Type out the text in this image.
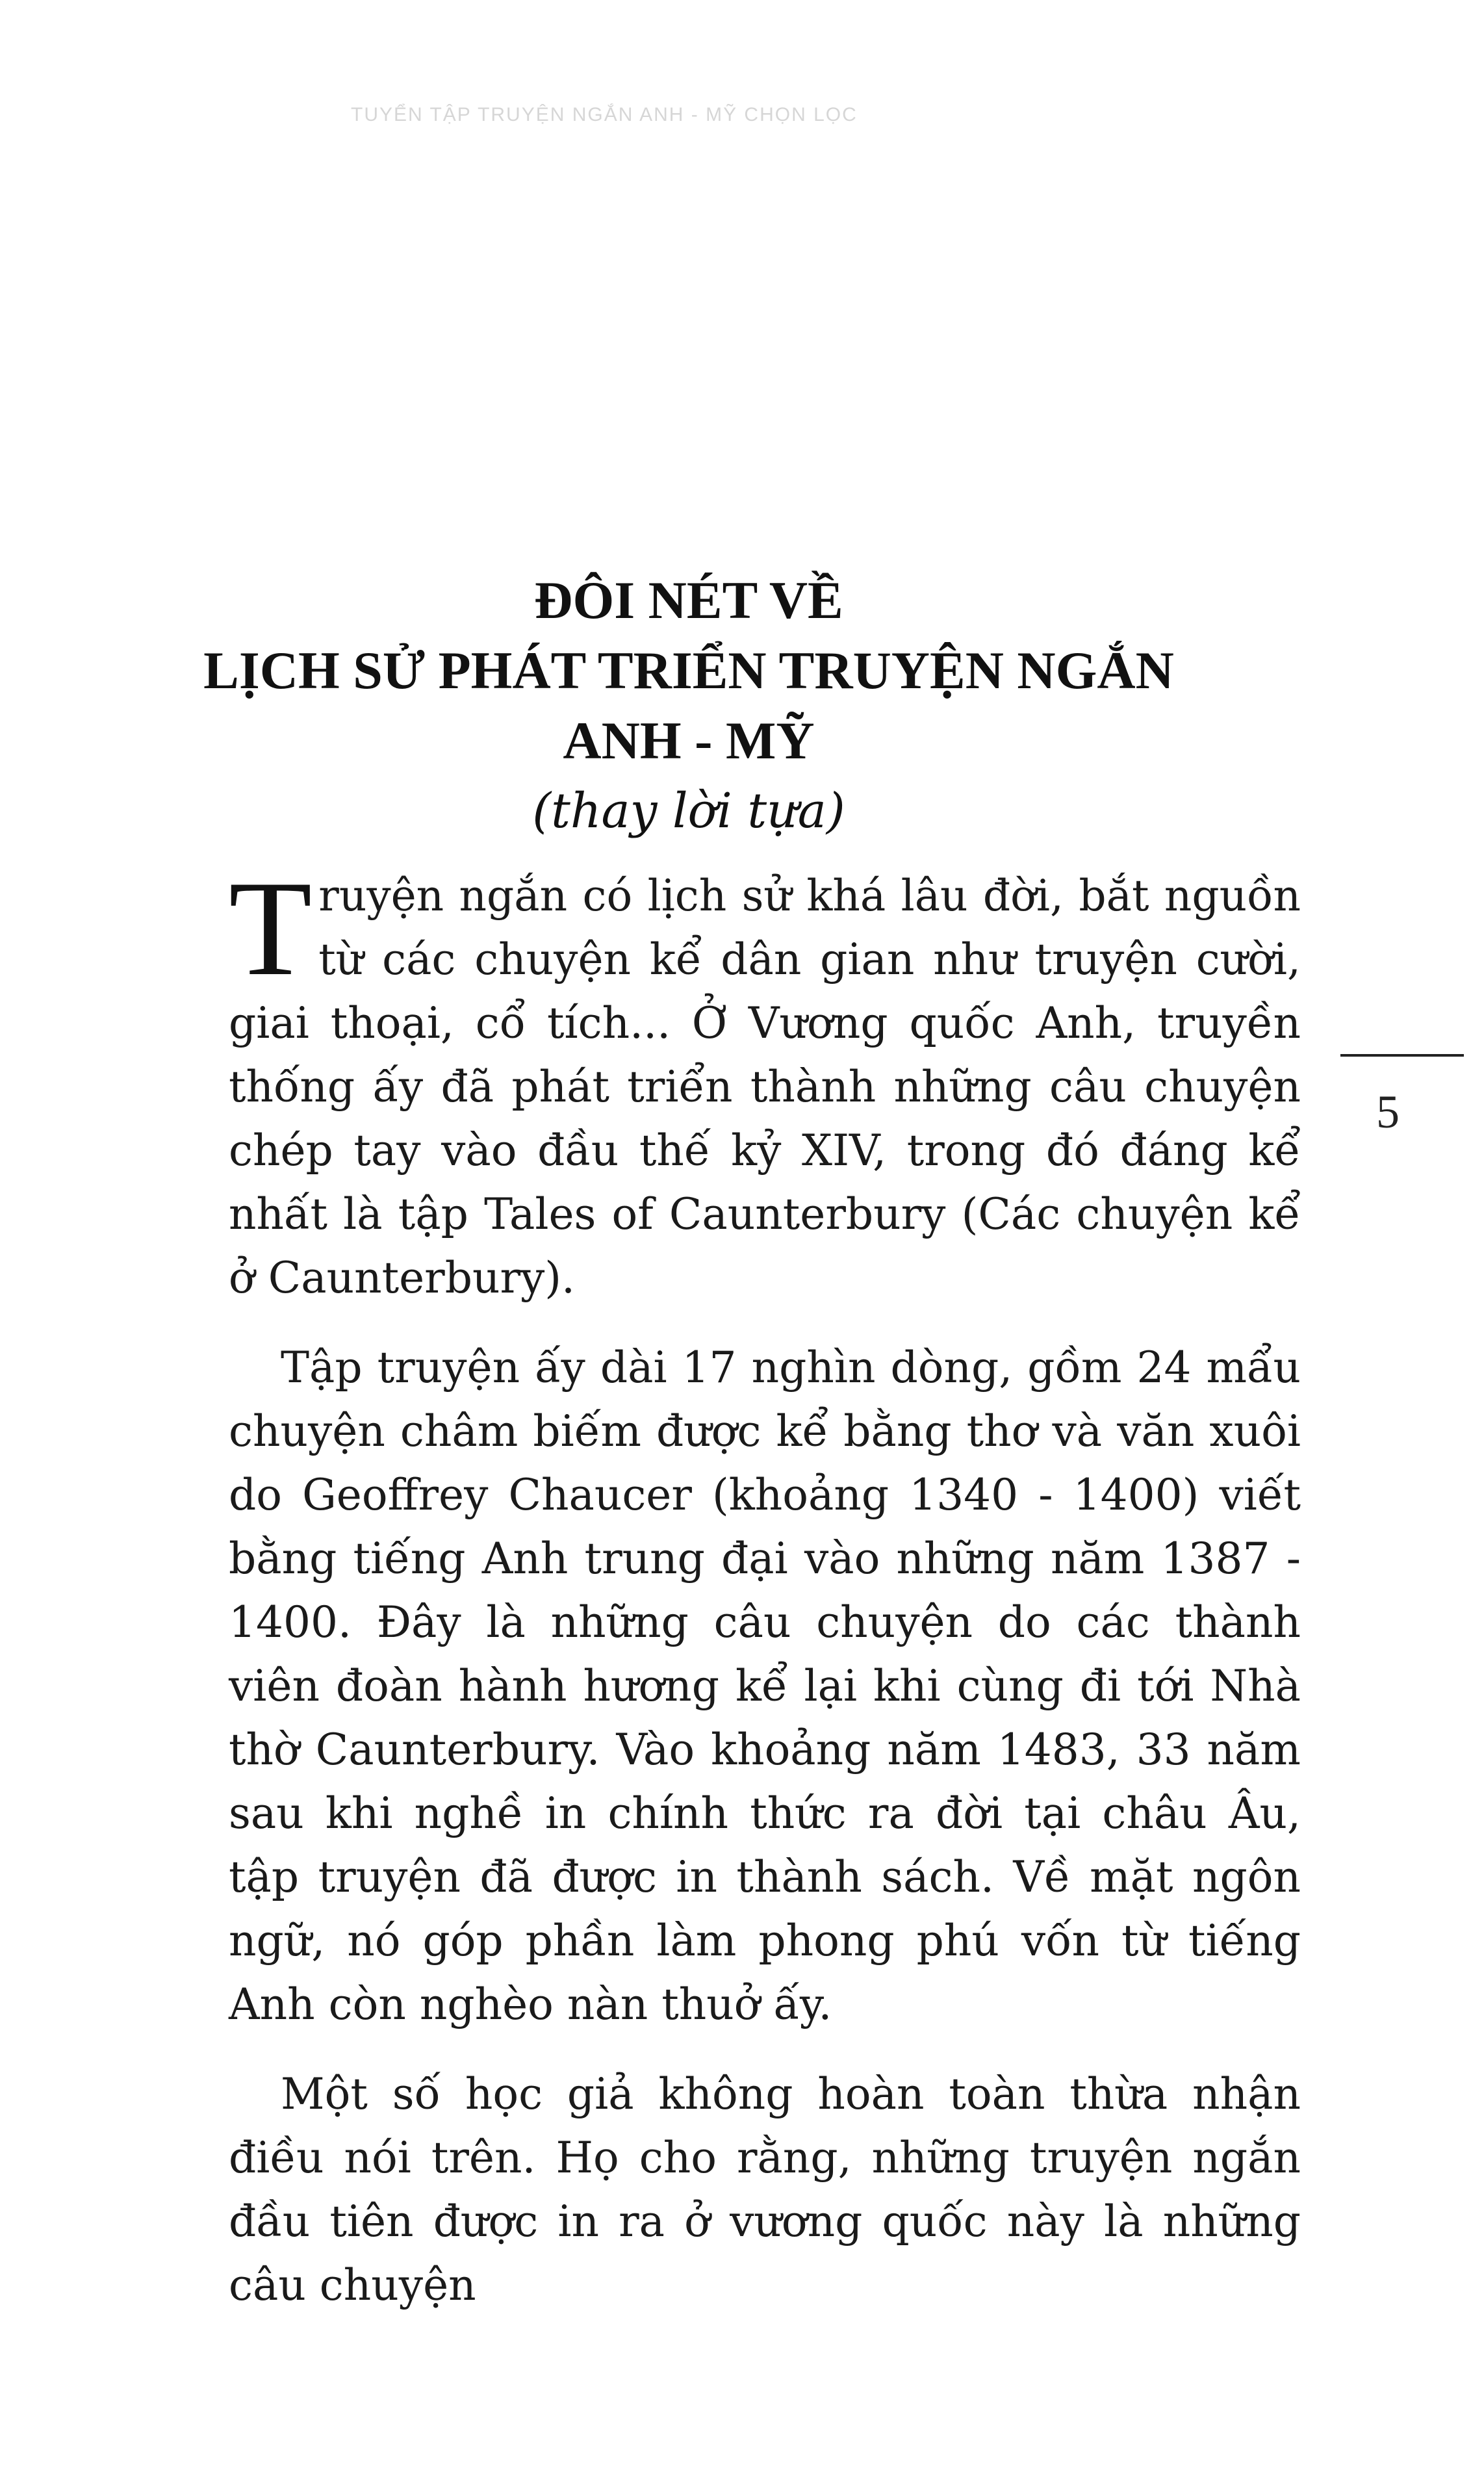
TUYỂN TẬP TRUYỆN NGẮN ANH - MỸ CHỌN LỌC
ĐÔI NÉT VỀ
LỊCH SỬ PHÁT TRIỂN TRUYỆN NGẮN
ANH - MỸ
(thay lời tựa)

T ruyện ngắn có lịch sử khá lâu đời, bắt nguồn từ các chuyện kể dân gian như truyện cười, giai thoại, cổ tích... Ở Vương quốc Anh, truyền thống ấy đã phát triển thành những câu chuyện chép tay vào đầu thế kỷ XIV, trong đó đáng kể nhất là tập Tales of Caunterbury (Các chuyện kể ở Caunterbury).

Tập truyện ấy dài 17 nghìn dòng, gồm 24 mẩu chuyện châm biếm được kể bằng thơ và văn xuôi do Geoffrey Chaucer (khoảng 1340 - 1400) viết bằng tiếng Anh trung đại vào những năm 1387 - 1400. Đây là những câu chuyện do các thành viên đoàn hành hương kể lại khi cùng đi tới Nhà thờ Caunterbury. Vào khoảng năm 1483, 33 năm sau khi nghề in chính thức ra đời tại châu Âu, tập truyện đã được in thành sách. Về mặt ngôn ngữ, nó góp phần làm phong phú vốn từ tiếng Anh còn nghèo nàn thuở ấy.

Một số học giả không hoàn toàn thừa nhận điều nói trên. Họ cho rằng, những truyện ngắn đầu tiên được in ra ở vương quốc này là những câu chuyện

5
